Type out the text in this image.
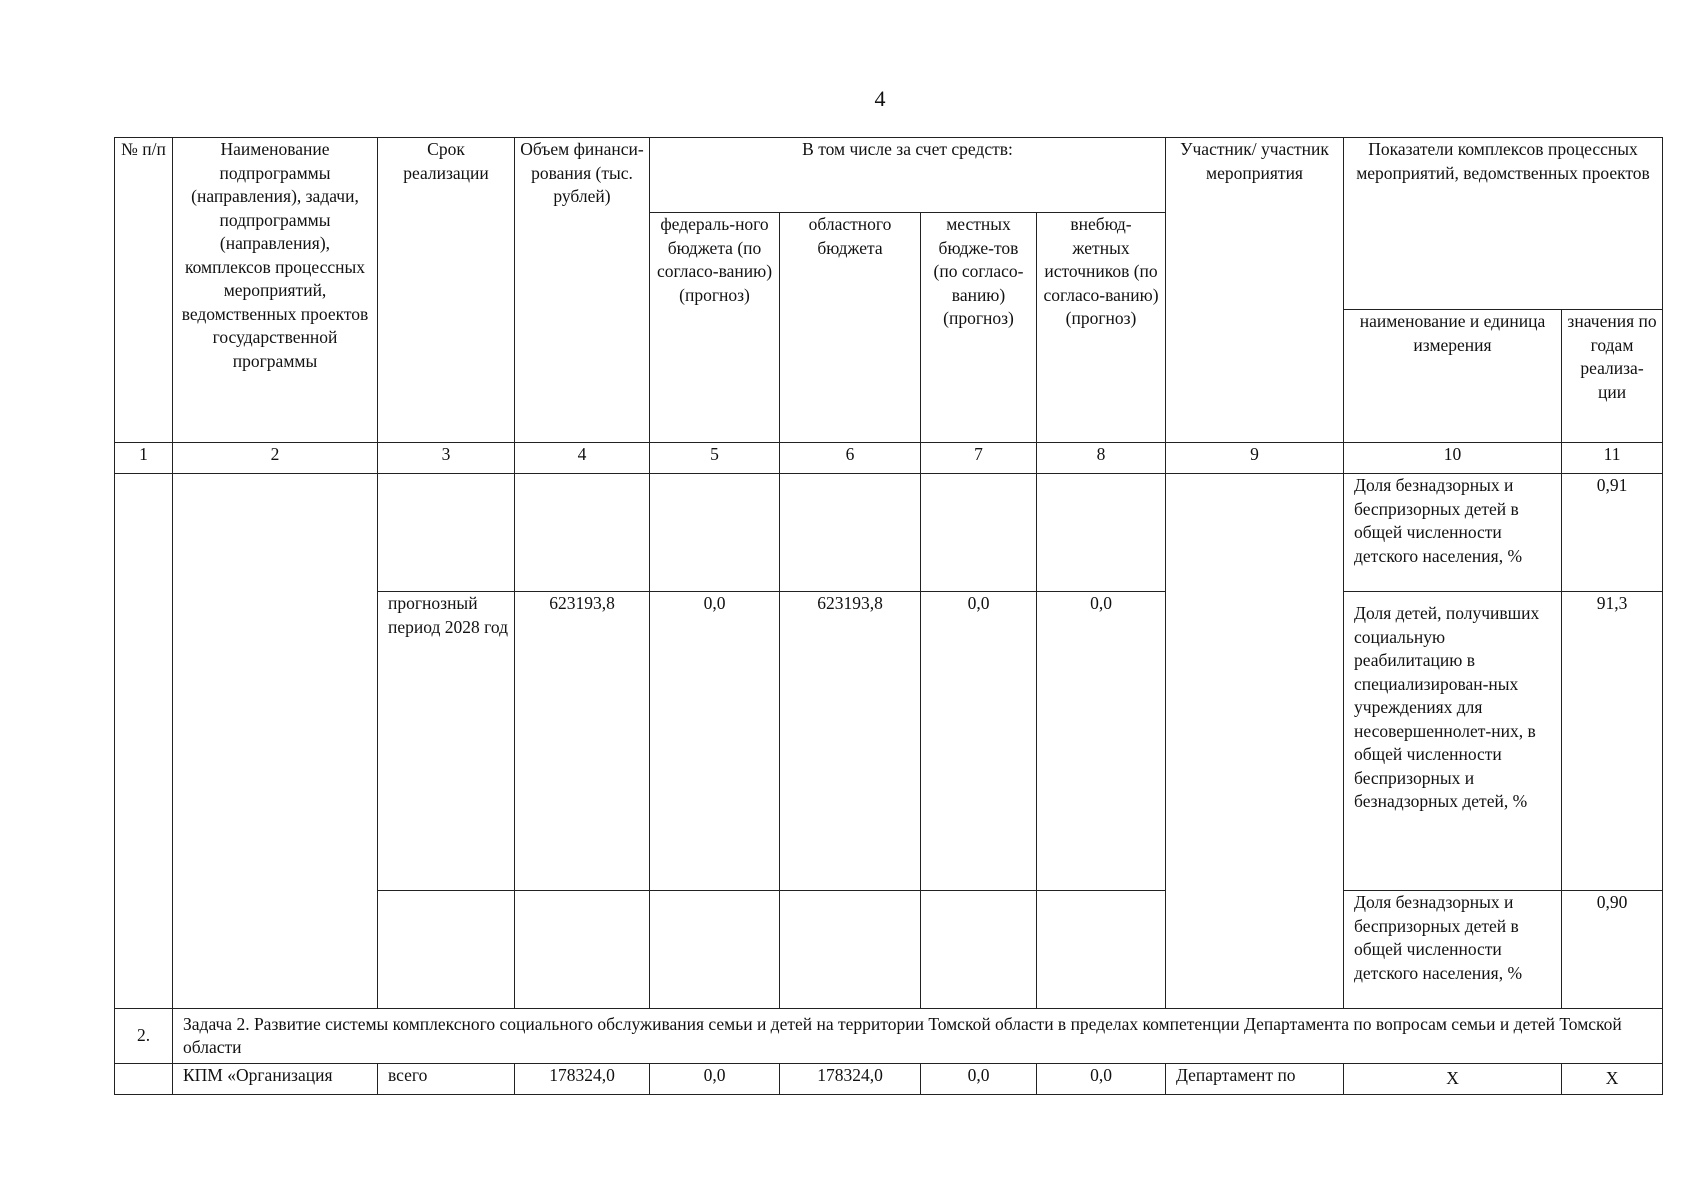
4
№ п/п	Наименование подпрограммы (направления), задачи, подпрограммы (направления), комплексов процессных мероприятий, ведомственных проектов государственной программы	Срок реализации	Объем финанси-рования (тыс. рублей)	В том числе за счет средств:				Участник/ участник мероприятия	Показатели комплексов процессных мероприятий, ведомственных проектов	
				федераль-ного бюджета (по согласо-ванию) (прогноз)	областного бюджета	местных бюдже-тов (по согласо-ванию) (прогноз)	внебюд-жетных источников (по согласо-ванию) (прогноз)			
									наименование и единица измерения	значения по годам реализа-ции
1	2	3	4	5	6	7	8	9	10	11
									Доля безнадзорных и беспризорных детей в общей численности детского населения, %	0,91
		прогнозный период 2028 год	623193,8	0,0	623193,8	0,0	0,0		Доля детей, получивших социальную реабилитацию в специализирован-ных учреждениях для несовершеннолет-них, в общей численности беспризорных и безнадзорных детей, %	91,3
									Доля безнадзорных и беспризорных детей в общей численности детского населения, %	0,90
2.	Задача 2. Развитие системы комплексного социального обслуживания семьи и детей на территории Томской области в пределах компетенции Департамента по вопросам семьи и детей Томской области									
	КПМ «Организация	всего	178324,0	0,0	178324,0	0,0	0,0	Департамент по	Х	Х
